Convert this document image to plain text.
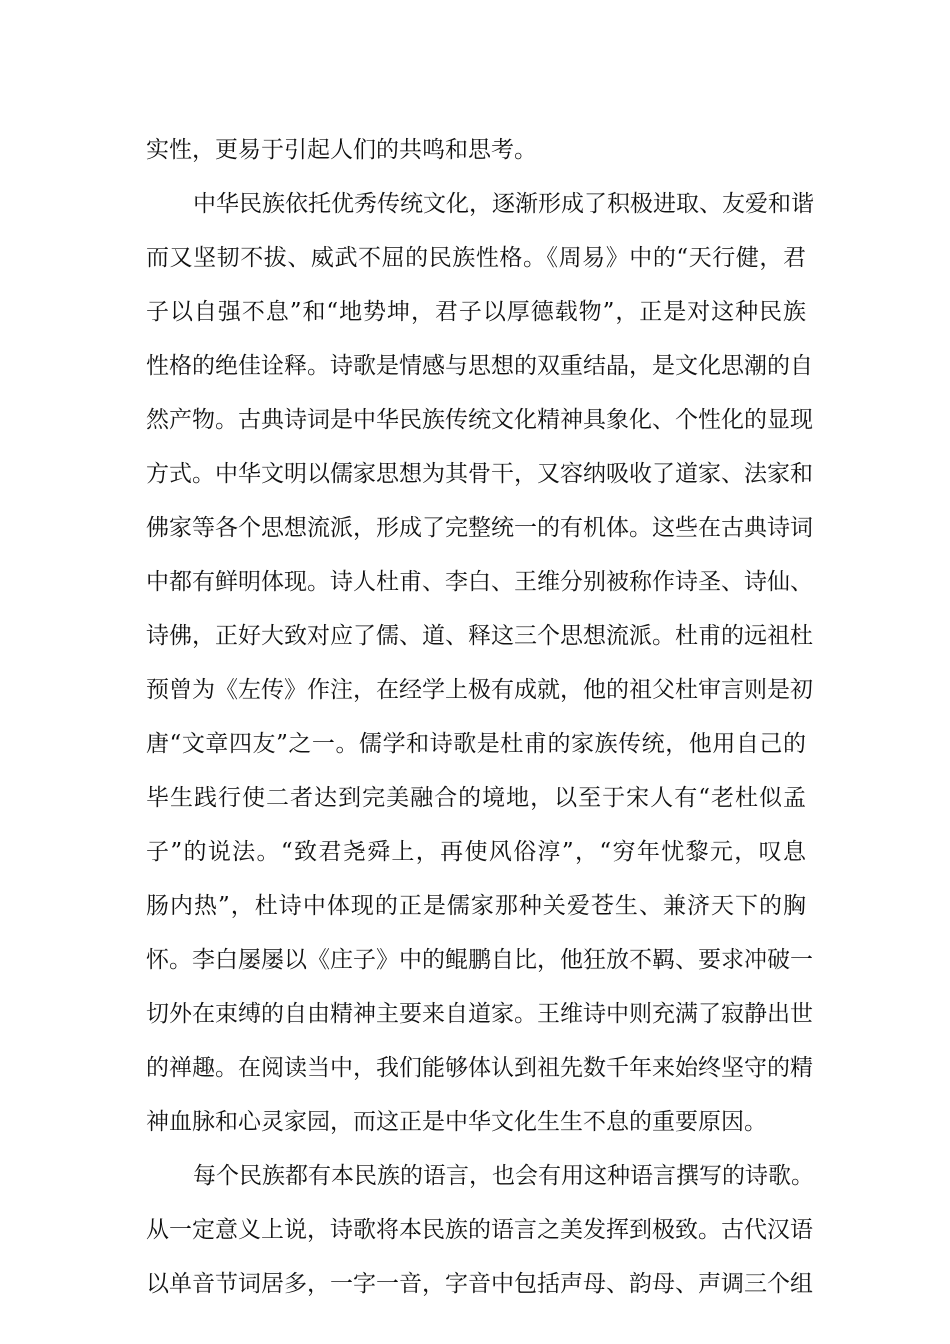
实性，更易于引起人们的共鸣和思考。
中华民族依托优秀传统文化，逐渐形成了积极进取、友爱和谐
而又坚韧不拔、威武不屈的民族性格。《周易》中的“天行健，君
子以自强不息”和“地势坤，君子以厚德载物”，正是对这种民族
性格的绝佳诠释。诗歌是情感与思想的双重结晶，是文化思潮的自
然产物。古典诗词是中华民族传统文化精神具象化、个性化的显现
方式。中华文明以儒家思想为其骨干，又容纳吸收了道家、法家和
佛家等各个思想流派，形成了完整统一的有机体。这些在古典诗词
中都有鲜明体现。诗人杜甫、李白、王维分别被称作诗圣、诗仙、
诗佛，正好大致对应了儒、道、释这三个思想流派。杜甫的远祖杜
预曾为《左传》作注，在经学上极有成就，他的祖父杜审言则是初
唐“文章四友”之一。儒学和诗歌是杜甫的家族传统，他用自己的
毕生践行使二者达到完美融合的境地，以至于宋人有“老杜似孟
子”的说法。“致君尧舜上，再使风俗淳”，“穷年忧黎元，叹息
肠内热”，杜诗中体现的正是儒家那种关爱苍生、兼济天下的胸
怀。李白屡屡以《庄子》中的鲲鹏自比，他狂放不羁、要求冲破一
切外在束缚的自由精神主要来自道家。王维诗中则充满了寂静出世
的禅趣。在阅读当中，我们能够体认到祖先数千年来始终坚守的精
神血脉和心灵家园，而这正是中华文化生生不息的重要原因。
每个民族都有本民族的语言，也会有用这种语言撰写的诗歌。
从一定意义上说，诗歌将本民族的语言之美发挥到极致。古代汉语
以单音节词居多，一字一音，字音中包括声母、韵母、声调三个组
